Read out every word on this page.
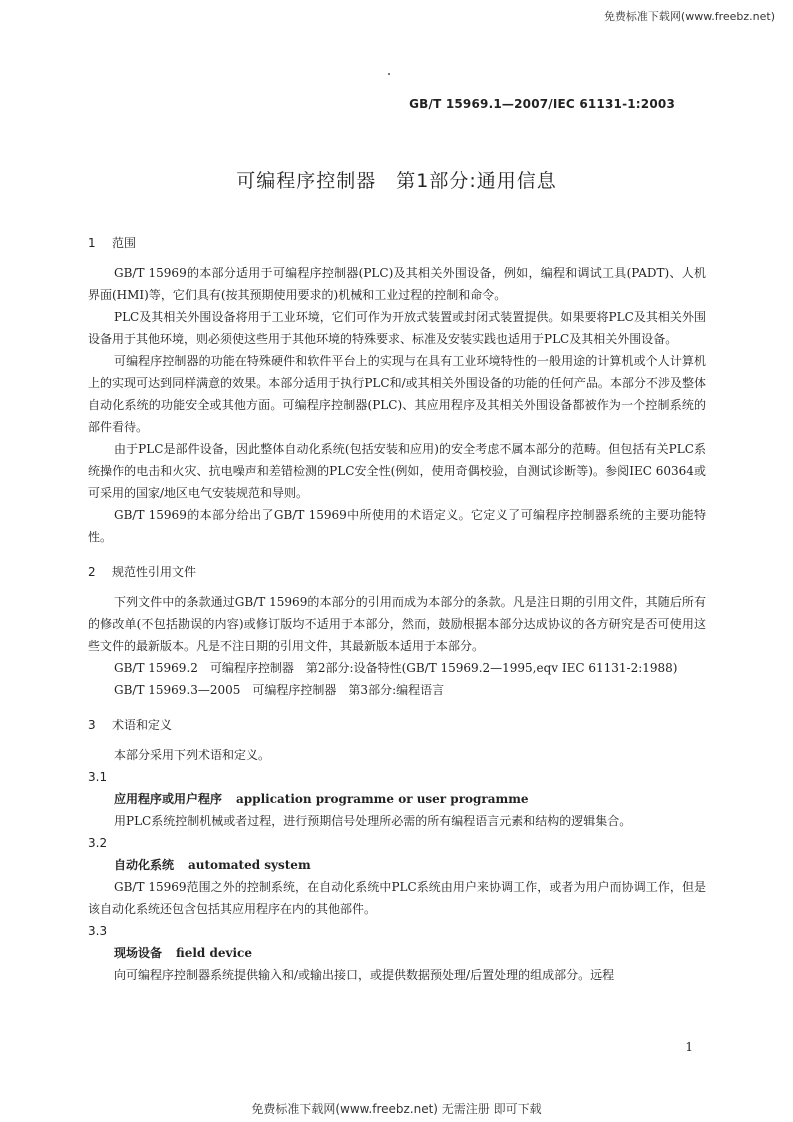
免费标准下载网(www.freebz.net)
GB/T 15969.1—2007/IEC 61131-1:2003
可编程序控制器　第1部分:通用信息
1 范围

GB/T 15969的本部分适用于可编程序控制器(PLC)及其相关外围设备，例如，编程和调试工具(PADT)、人机界面(HMI)等，它们具有(按其预期使用要求的)机械和工业过程的控制和命令。

PLC及其相关外围设备将用于工业环境，它们可作为开放式装置或封闭式装置提供。如果要将PLC及其相关外围设备用于其他环境，则必须使这些用于其他环境的特殊要求、标准及安装实践也适用于PLC及其相关外围设备。

可编程序控制器的功能在特殊硬件和软件平台上的实现与在具有工业环境特性的一般用途的计算机或个人计算机上的实现可达到同样满意的效果。本部分适用于执行PLC和/或其相关外围设备的功能的任何产品。本部分不涉及整体自动化系统的功能安全或其他方面。可编程序控制器(PLC)、其应用程序及其相关外围设备都被作为一个控制系统的部件看待。

由于PLC是部件设备，因此整体自动化系统(包括安装和应用)的安全考虑不属本部分的范畴。但包括有关PLC系统操作的电击和火灾、抗电噪声和差错检测的PLC安全性(例如，使用奇偶校验，自测试诊断等)。参阅IEC 60364或可采用的国家/地区电气安装规范和导则。

GB/T 15969的本部分给出了GB/T 15969中所使用的术语定义。它定义了可编程序控制器系统的主要功能特性。

2 规范性引用文件

下列文件中的条款通过GB/T 15969的本部分的引用而成为本部分的条款。凡是注日期的引用文件，其随后所有的修改单(不包括勘误的内容)或修订版均不适用于本部分，然而，鼓励根据本部分达成协议的各方研究是否可使用这些文件的最新版本。凡是不注日期的引用文件，其最新版本适用于本部分。

GB/T 15969.2　可编程序控制器　第2部分:设备特性(GB/T 15969.2—1995,eqv IEC 61131-2:1988)

GB/T 15969.3—2005　可编程序控制器　第3部分:编程语言

3 术语和定义

本部分采用下列术语和定义。

3.1

应用程序或用户程序 application programme or user programme

用PLC系统控制机械或者过程，进行预期信号处理所必需的所有编程语言元素和结构的逻辑集合。

3.2

自动化系统 automated system

GB/T 15969范围之外的控制系统，在自动化系统中PLC系统由用户来协调工作，或者为用户而协调工作，但是该自动化系统还包含包括其应用程序在内的其他部件。

3.3

现场设备 field device

向可编程序控制器系统提供输入和/或输出接口，或提供数据预处理/后置处理的组成部分。远程

1
免费标准下载网(www.freebz.net) 无需注册 即可下载
